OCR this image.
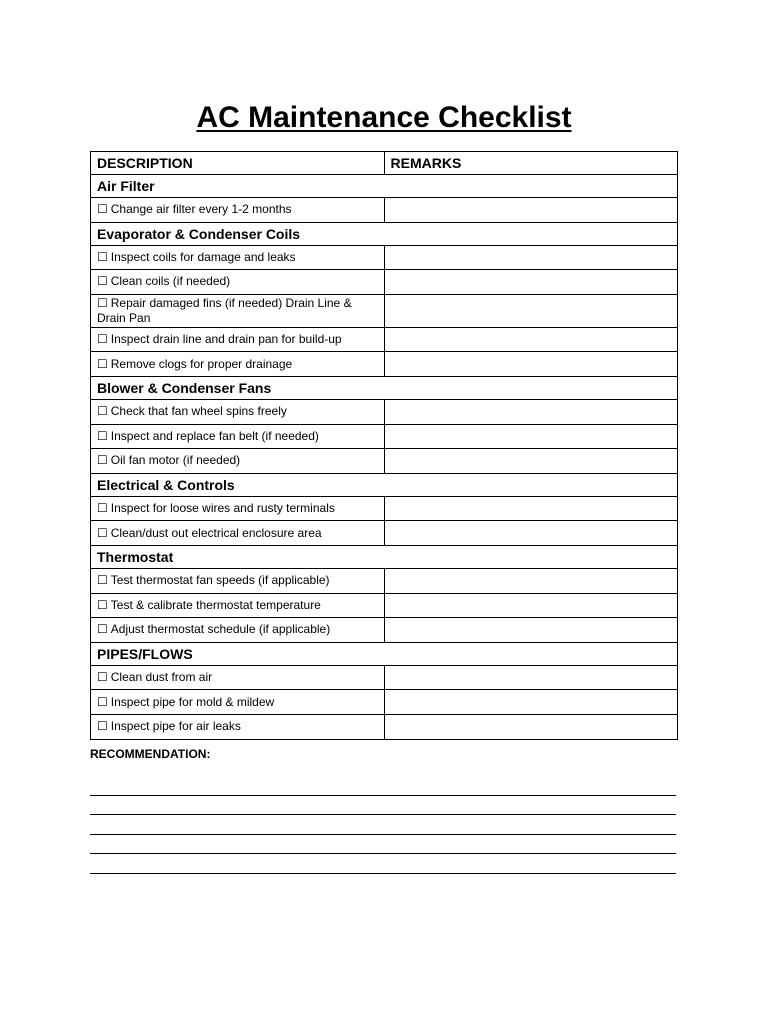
AC Maintenance Checklist
DESCRIPTION	REMARKS
Air Filter	
☐ Change air filter every 1-2 months	
Evaporator & Condenser Coils	
☐ Inspect coils for damage and leaks	
☐ Clean coils (if needed)	
☐ Repair damaged fins (if needed) Drain Line & Drain Pan	
☐ Inspect drain line and drain pan for build-up	
☐ Remove clogs for proper drainage	
Blower & Condenser Fans	
☐ Check that fan wheel spins freely	
☐ Inspect and replace fan belt (if needed)	
☐ Oil fan motor (if needed)	
Electrical & Controls	
☐ Inspect for loose wires and rusty terminals	
☐ Clean/dust out electrical enclosure area	
Thermostat	
☐ Test thermostat fan speeds (if applicable)	
☐ Test & calibrate thermostat temperature	
☐ Adjust thermostat schedule (if applicable)	
PIPES/FLOWS	
☐ Clean dust from air	
☐ Inspect pipe for mold & mildew	
☐ Inspect pipe for air leaks	
RECOMMENDATION:
